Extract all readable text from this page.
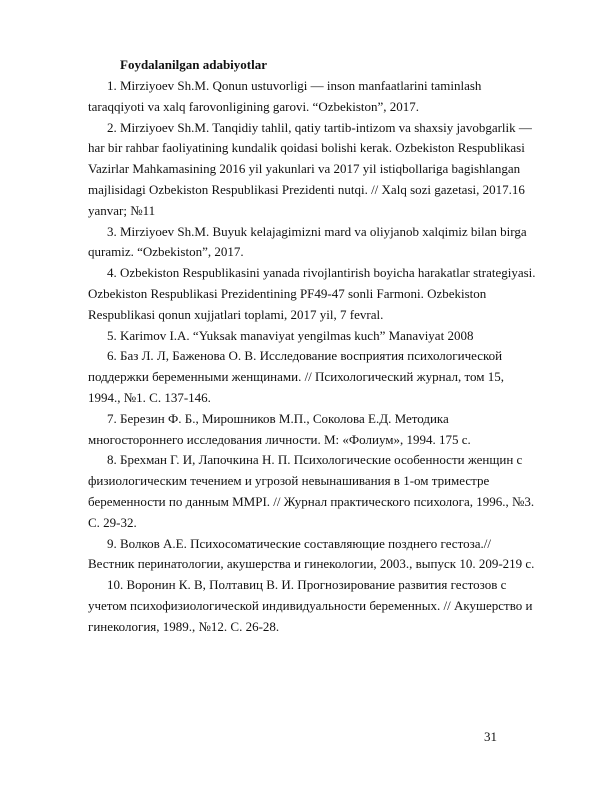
Foydalanilgan adabiyotlar
1. Mirziyoev Sh.M. Qonun ustuvorligi — inson manfaatlarini taminlash
taraqqiyoti va xalq farovonligining garovi. “Ozbekiston”, 2017.
2. Mirziyoev Sh.M. Tanqidiy tahlil, qatiy tartib-intizom va shaxsiy javobgarlik —
har bir rahbar faoliyatining kundalik qoidasi bolishi kerak. Ozbekiston Respublikasi
Vazirlar Mahkamasining 2016 yil yakunlari va 2017 yil istiqbollariga bagishlangan
majlisidagi Ozbekiston Respublikasi Prezidenti nutqi. // Xalq sozi gazetasi, 2017.16
yanvar; №11
3. Mirziyoev Sh.M. Buyuk kelajagimizni mard va oliyjanob xalqimiz bilan birga
quramiz. “Ozbekiston”, 2017.
4. Ozbekiston Respublikasini yanada rivojlantirish boyicha harakatlar strategiyasi.
Ozbekiston Respublikasi Prezidentining PF49-47 sonli Farmoni. Ozbekiston
Respublikasi qonun xujjatlari toplami, 2017 yil, 7 fevral.
5. Karimov I.A. “Yuksak manaviyat yengilmas kuch” Manaviyat 2008
6. Баз Л. Л, Баженова О. В. Исследование восприятия психологической
поддержки беременными женщинами. // Психологический журнал, том 15,
1994., №1. С. 137-146.
7. Березин Ф. Б., Мирошников М.П., Соколова Е.Д. Методика
многостороннего исследования личности. М: «Фолиум», 1994. 175 с.
8. Брехман Г. И, Лапочкина Н. П. Психологические особенности женщин с
физиологическим течением и угрозой невынашивания в 1-ом триместре
беременности по данным MMPI. // Журнал практического психолога, 1996., №3.
С. 29-32.
9. Волков А.Е. Психосоматические составляющие позднего гестоза.//
Вестник перинатологии, акушерства и гинекологии, 2003., выпуск 10. 209-219 с.
10. Воронин К. В, Полтавиц В. И. Прогнозирование развития гестозов с
учетом психофизиологической индивидуальности беременных. // Акушерство и
гинекология, 1989., №12. С. 26-28.
31
